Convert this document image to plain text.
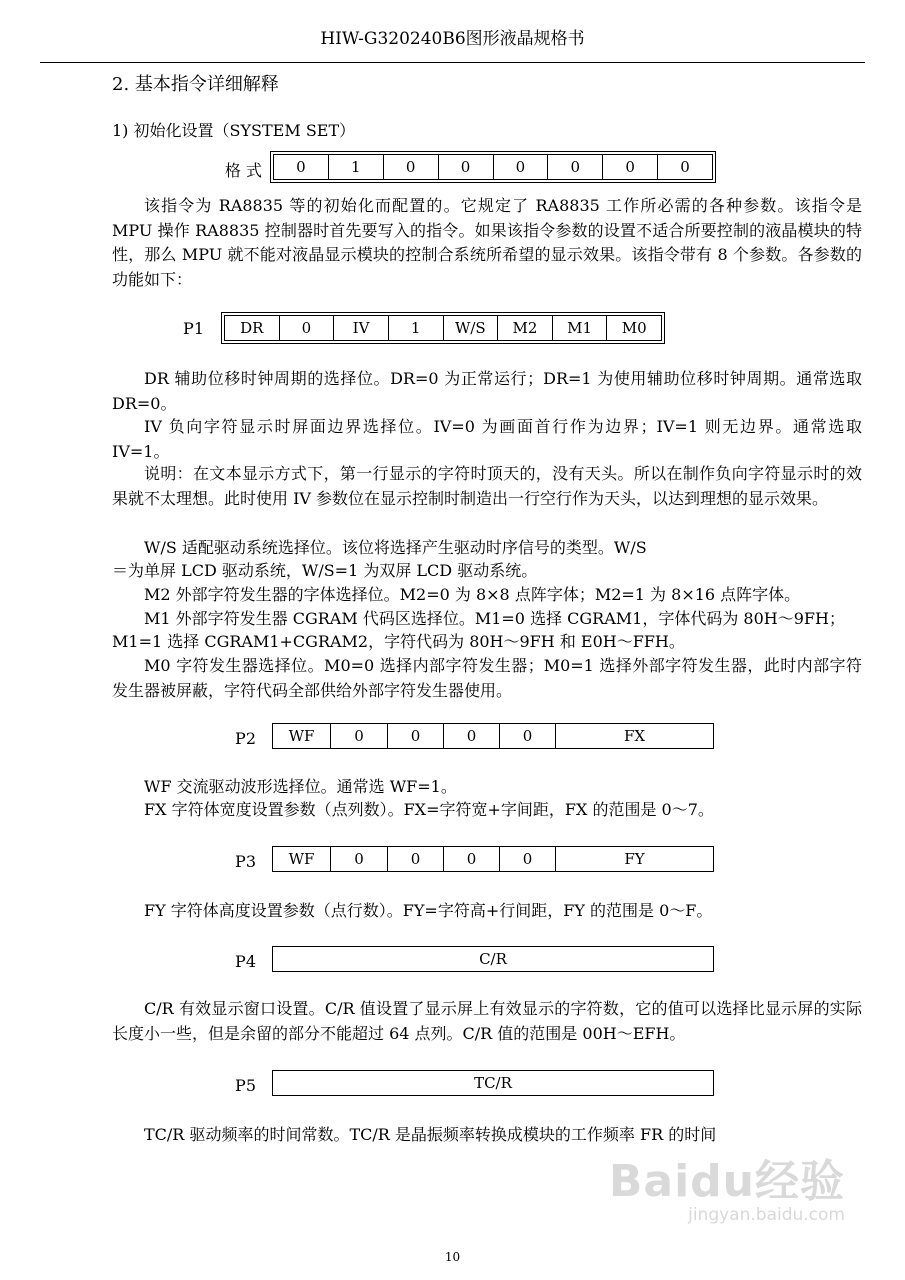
HIW-G320240B6图形液晶规格书
2. 基本指令详细解释
1) 初始化设置（SYSTEM SET）
格 式 0	1	0	0	0	0	0	0
该指令为 RA8835 等的初始化而配置的。它规定了 RA8835 工作所必需的各种参数。该指令是 MPU 操作 RA8835 控制器时首先要写入的指令。如果该指令参数的设置不适合所要控制的液晶模块的特性，那么 MPU 就不能对液晶显示模块的控制合系统所希望的显示效果。该指令带有 8 个参数。各参数的功能如下：
P1 DR	0	IV	1	W/S	M2	M1	M0
DR 辅助位移时钟周期的选择位。DR=0 为正常运行；DR=1 为使用辅助位移时钟周期。通常选取 DR=0。
IV 负向字符显示时屏面边界选择位。IV=0 为画面首行作为边界；IV=1 则无边界。通常选取 IV=1。
说明：在文本显示方式下，第一行显示的字符时顶天的，没有天头。所以在制作负向字符显示时的效果就不太理想。此时使用 IV 参数位在显示控制时制造出一行空行作为天头，以达到理想的显示效果。
W/S 适配驱动系统选择位。该位将选择产生驱动时序信号的类型。W/S
＝为单屏 LCD 驱动系统，W/S=1 为双屏 LCD 驱动系统。
M2 外部字符发生器的字体选择位。M2=0 为 8×8 点阵字体；M2=1 为 8×16 点阵字体。
M1 外部字符发生器 CGRAM 代码区选择位。M1=0 选择 CGRAM1，字体代码为 80H～9FH；
M1=1 选择 CGRAM1+CGRAM2，字符代码为 80H～9FH 和 E0H～FFH。
M0 字符发生器选择位。M0=0 选择内部字符发生器；M0=1 选择外部字符发生器，此时内部字符发生器被屏蔽，字符代码全部供给外部字符发生器使用。
P2 WF	0	0	0	0	FX
WF 交流驱动波形选择位。通常选 WF=1。
FX 字符体宽度设置参数（点列数）。FX=字符宽+字间距，FX 的范围是 0～7。
P3 WF	0	0	0	0	FY
FY 字符体高度设置参数（点行数）。FY=字符高+行间距，FY 的范围是 0～F。
P4	C/R
C/R 有效显示窗口设置。C/R 值设置了显示屏上有效显示的字符数，它的值可以选择比显示屏的实际长度小一些，但是余留的部分不能超过 64 点列。C/R 值的范围是 00H～EFH。
P5	TC/R
TC/R 驱动频率的时间常数。TC/R 是晶振频率转换成模块的工作频率 FR 的时间
Baidu经验
jingyan.baidu.com
10
